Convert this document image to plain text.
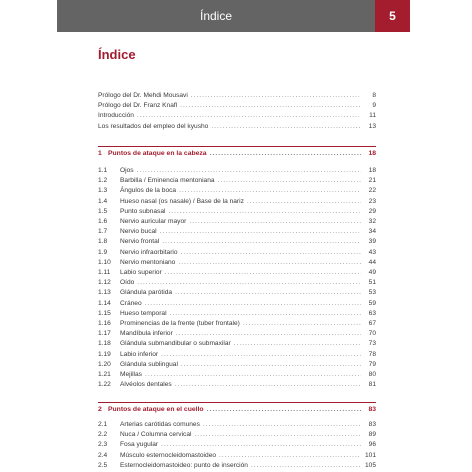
Índice	5
Índice
Prólogo del Dr. Mehdi Mousavi .....	8
Prólogo del Dr. Franz Knafl .....	9
Introducción .....	11
Los resultados del empleo del kyusho .....	13
1 Puntos de ataque en la cabeza .....	18
1.1	Ojos .....	18
1.2	Barbilla / Eminencia mentoniana .....	21
1.3	Ángulos de la boca .....	22
1.4	Hueso nasal (os nasale) / Base de la nariz .....	23
1.5	Punto subnasal .....	29
1.6	Nervio auricular mayor .....	32
1.7	Nervio bucal .....	34
1.8	Nervio frontal .....	39
1.9	Nervio infraorbitario .....	43
1.10	Nervio mentoniano .....	44
1.11	Labio superior .....	49
1.12	Oído .....	51
1.13	Glándula parótida .....	53
1.14	Cráneo .....	59
1.15	Hueso temporal .....	63
1.16	Prominencias de la frente (tuber frontale) .....	67
1.17	Mandíbula inferior .....	70
1.18	Glándula submandibular o submaxilar .....	73
1.19	Labio inferior .....	78
1.20	Glándula sublingual .....	79
1.21	Mejillas .....	80
1.22	Alvéolos dentales .....	81
2 Puntos de ataque en el cuello .....	83
2.1	Arterias carótidas comunes .....	83
2.2	Nuca / Columna cervical .....	89
2.3	Fosa yugular .....	96
2.4	Músculo esternocleidomastoideo .....	101
2.5	Esternocleidomastoideo: punto de inserción .....	105
